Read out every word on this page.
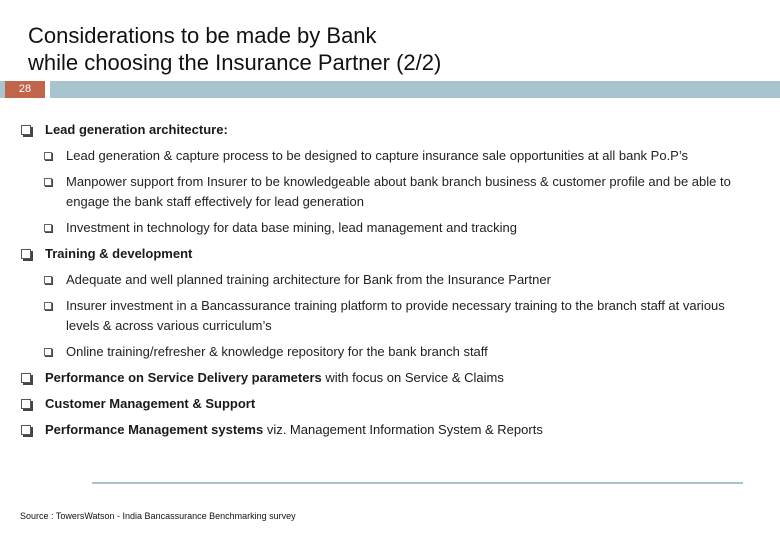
Considerations to be made by Bank
while choosing the Insurance Partner (2/2)
28
Lead generation architecture:
Lead generation & capture process to be designed to capture insurance sale opportunities at all bank Po.P’s
Manpower support from Insurer to be knowledgeable about bank branch business & customer profile and be able to engage the bank staff effectively for lead generation
Investment in technology for data base mining, lead management and tracking
Training & development
Adequate and well planned training architecture for Bank from the Insurance Partner
Insurer investment in a Bancassurance training platform to provide necessary training to the branch staff at various levels & across various curriculum’s
Online training/refresher & knowledge repository for the bank branch staff
Performance on Service Delivery parameters with focus on Service & Claims
Customer Management & Support
Performance Management systems viz. Management Information System & Reports
Source : TowersWatson - India Bancassurance Benchmarking survey
